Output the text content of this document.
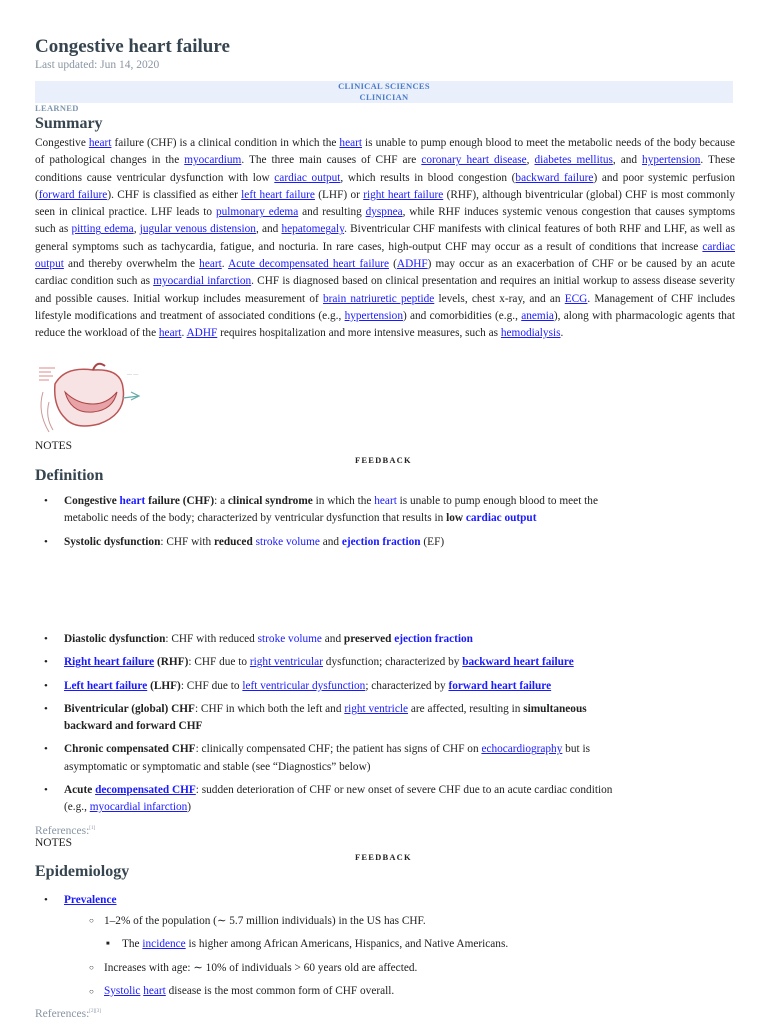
Congestive heart failure
Last updated: Jun 14, 2020
CLINICAL SCIENCES
CLINICIAN
LEARNED
Summary
Congestive heart failure (CHF) is a clinical condition in which the heart is unable to pump enough blood to meet the metabolic needs of the body because of pathological changes in the myocardium. The three main causes of CHF are coronary heart disease, diabetes mellitus, and hypertension. These conditions cause ventricular dysfunction with low cardiac output, which results in blood congestion (backward failure) and poor systemic perfusion (forward failure). CHF is classified as either left heart failure (LHF) or right heart failure (RHF), although biventricular (global) CHF is most commonly seen in clinical practice. LHF leads to pulmonary edema and resulting dyspnea, while RHF induces systemic venous congestion that causes symptoms such as pitting edema, jugular venous distension, and hepatomegaly. Biventricular CHF manifests with clinical features of both RHF and LHF, as well as general symptoms such as tachycardia, fatigue, and nocturia. In rare cases, high-output CHF may occur as a result of conditions that increase cardiac output and thereby overwhelm the heart. Acute decompensated heart failure (ADHF) may occur as an exacerbation of CHF or be caused by an acute cardiac condition such as myocardial infarction. CHF is diagnosed based on clinical presentation and requires an initial workup to assess disease severity and possible causes. Initial workup includes measurement of brain natriuretic peptide levels, chest x-ray, and an ECG. Management of CHF includes lifestyle modifications and treatment of associated conditions (e.g., hypertension) and comorbidities (e.g., anemia), along with pharmacologic agents that reduce the workload of the heart. ADHF requires hospitalization and more intensive measures, such as hemodialysis.
— —
NOTES
FEEDBACK
Definition
• Congestive heart failure (CHF): a clinical syndrome in which the heart is unable to pump enough blood to meet the metabolic needs of the body; characterized by ventricular dysfunction that results in low cardiac output
• Systolic dysfunction: CHF with reduced stroke volume and ejection fraction (EF)
• Diastolic dysfunction: CHF with reduced stroke volume and preserved ejection fraction
• Right heart failure (RHF): CHF due to right ventricular dysfunction; characterized by backward heart failure
• Left heart failure (LHF): CHF due to left ventricular dysfunction; characterized by forward heart failure
• Biventricular (global) CHF: CHF in which both the left and right ventricle are affected, resulting in simultaneous backward and forward CHF
• Chronic compensated CHF: clinically compensated CHF; the patient has signs of CHF on echocardiography but is asymptomatic or symptomatic and stable (see “Diagnostics” below)
• Acute decompensated CHF: sudden deterioration of CHF or new onset of severe CHF due to an acute cardiac condition (e.g., myocardial infarction)
References:[1]
NOTES
FEEDBACK
Epidemiology
• Prevalence
○ 1–2% of the population (∼ 5.7 million individuals) in the US has CHF.
■ The incidence is higher among African Americans, Hispanics, and Native Americans.
○ Increases with age: ∼ 10% of individuals > 60 years old are affected.
○ Systolic heart disease is the most common form of CHF overall.
References:[2][3]
